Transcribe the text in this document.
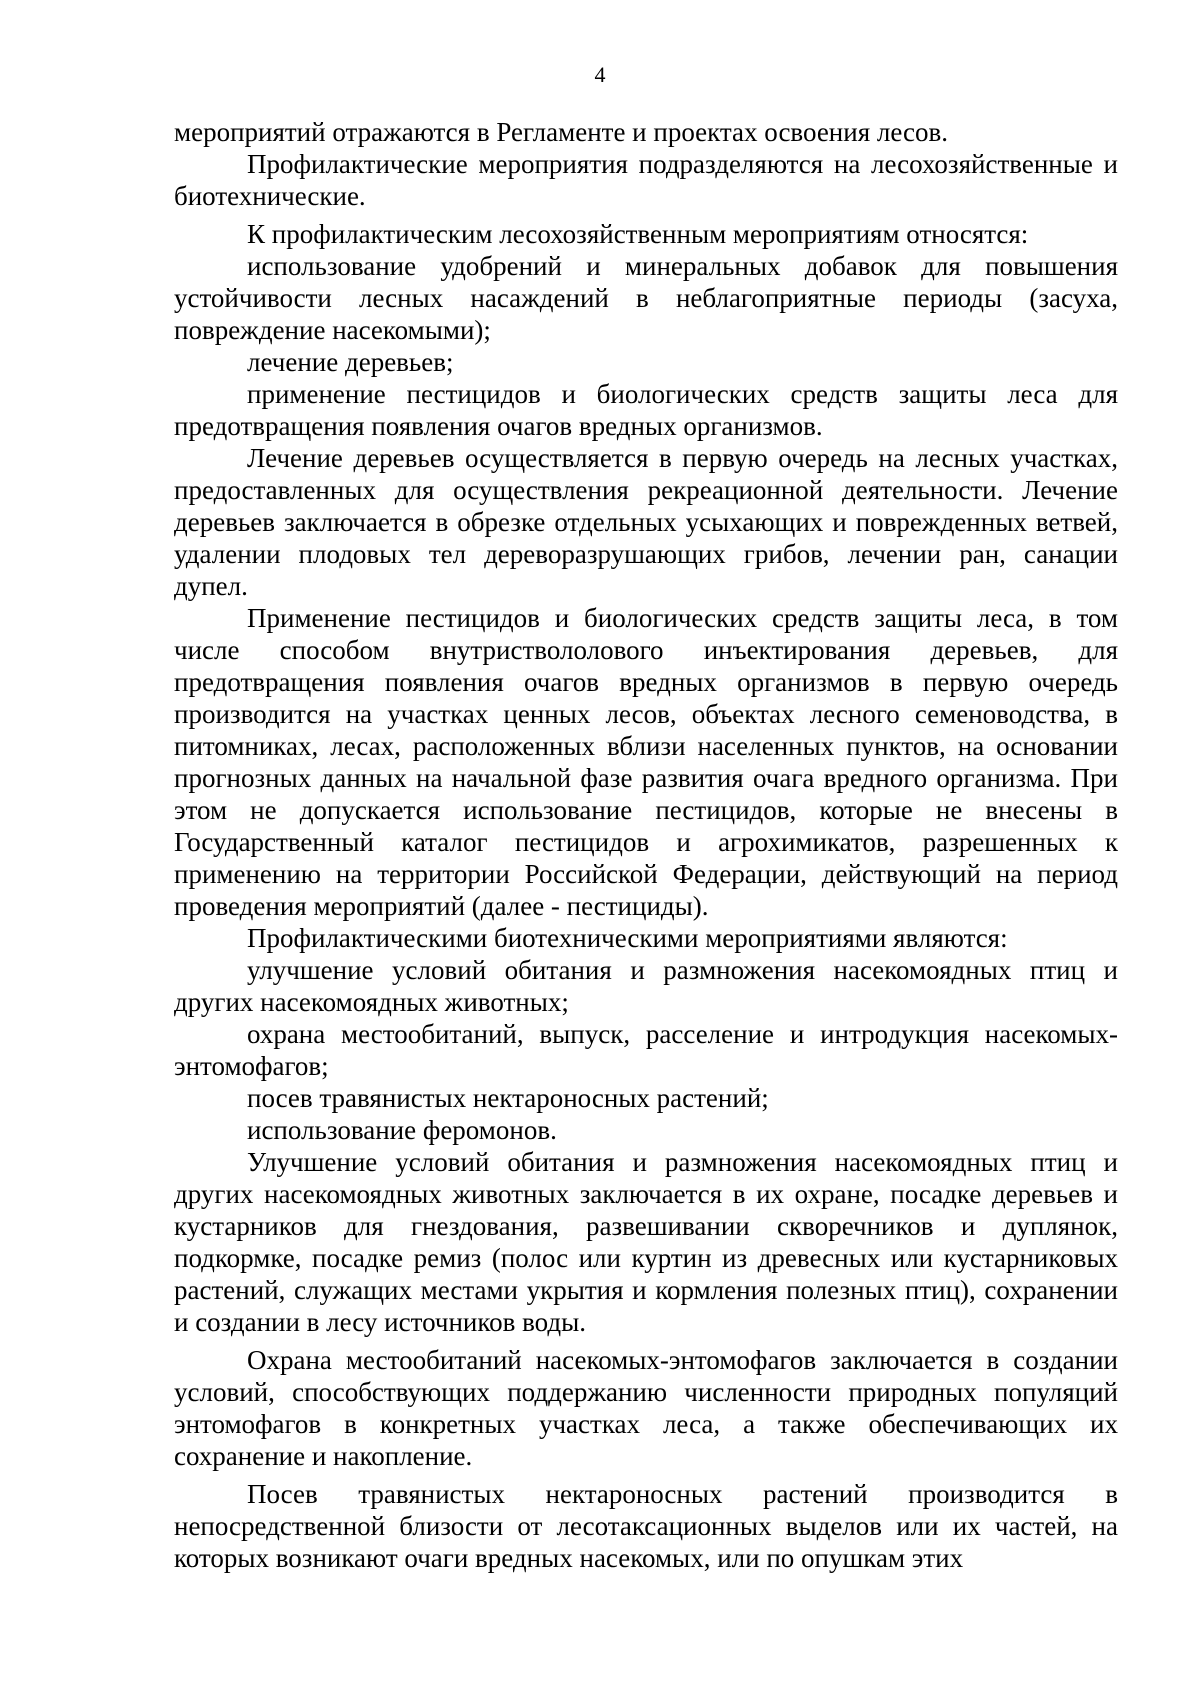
4

мероприятий отражаются в Регламенте и проектах освоения лесов.

Профилактические мероприятия подразделяются на лесохозяйственные и биотехнические.

К профилактическим лесохозяйственным мероприятиям относятся:

использование удобрений и минеральных добавок для повышения устойчивости лесных насаждений в неблагоприятные периоды (засуха, повреждение насекомыми);

лечение деревьев;

применение пестицидов и биологических средств защиты леса для предотвращения появления очагов вредных организмов.

Лечение деревьев осуществляется в первую очередь на лесных участках, предоставленных для осуществления рекреационной деятельности. Лечение деревьев заключается в обрезке отдельных усыхающих и поврежденных ветвей, удалении плодовых тел дереворазрушающих грибов, лечении ран, санации дупел.

Применение пестицидов и биологических средств защиты леса, в том числе способом внутриствололового инъектирования деревьев, для предотвращения появления очагов вредных организмов в первую очередь производится на участках ценных лесов, объектах лесного семеноводства, в питомниках, лесах, расположенных вблизи населенных пунктов, на основании прогнозных данных на начальной фазе развития очага вредного организма. При этом не допускается использование пестицидов, которые не внесены в Государственный каталог пестицидов и агрохимикатов, разрешенных к применению на территории Российской Федерации, действующий на период проведения мероприятий (далее - пестициды).

Профилактическими биотехническими мероприятиями являются:

улучшение условий обитания и размножения насекомоядных птиц и других насекомоядных животных;

охрана местообитаний, выпуск, расселение и интродукция насекомых-энтомофагов;

посев травянистых нектароносных растений;

использование феромонов.

Улучшение условий обитания и размножения насекомоядных птиц и других насекомоядных животных заключается в их охране, посадке деревьев и кустарников для гнездования, развешивании скворечников и дуплянок, подкормке, посадке ремиз (полос или куртин из древесных или кустарниковых растений, служащих местами укрытия и кормления полезных птиц), сохранении и создании в лесу источников воды.

Охрана местообитаний насекомых-энтомофагов заключается в создании условий, способствующих поддержанию численности природных популяций энтомофагов в конкретных участках леса, а также обеспечивающих их сохранение и накопление.

Посев травянистых нектароносных растений производится в непосредственной близости от лесотаксационных выделов или их частей, на которых возникают очаги вредных насекомых, или по опушкам этих
